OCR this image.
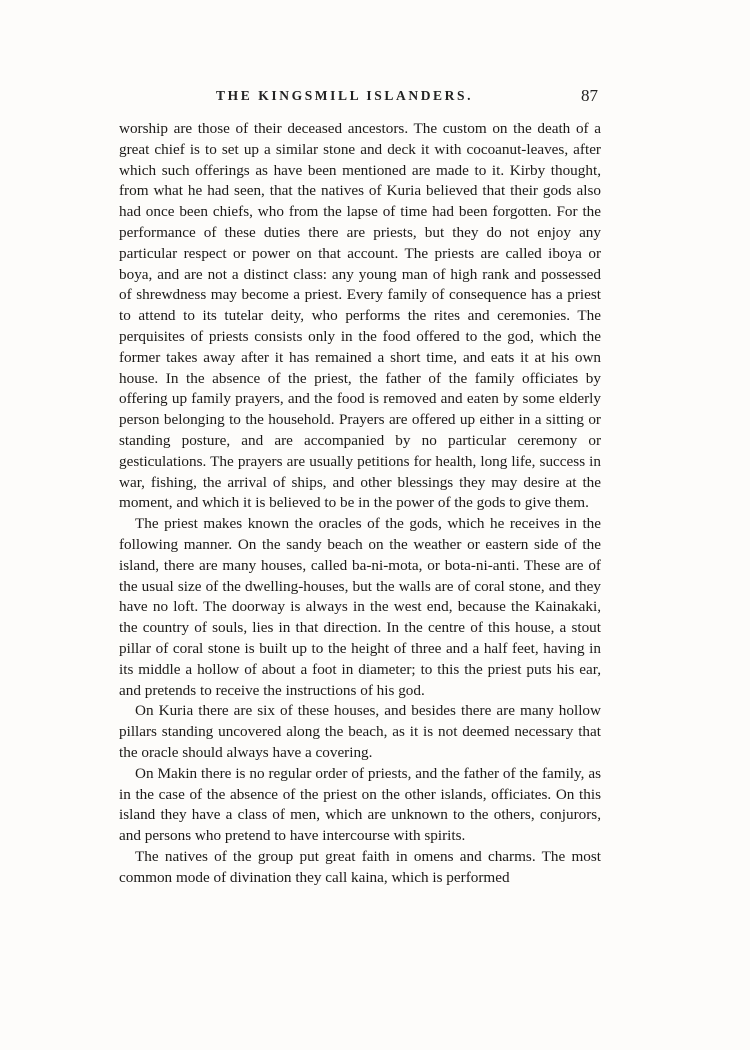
THE KINGSMILL ISLANDERS.	87

worship are those of their deceased ancestors. The custom on the death of a great chief is to set up a similar stone and deck it with cocoanut-leaves, after which such offerings as have been mentioned are made to it. Kirby thought, from what he had seen, that the natives of Kuria believed that their gods also had once been chiefs, who from the lapse of time had been forgotten. For the performance of these duties there are priests, but they do not enjoy any particular respect or power on that account. The priests are called iboya or boya, and are not a distinct class: any young man of high rank and possessed of shrewdness may become a priest. Every family of consequence has a priest to attend to its tutelar deity, who performs the rites and ceremonies. The perquisites of priests consists only in the food offered to the god, which the former takes away after it has remained a short time, and eats it at his own house. In the absence of the priest, the father of the family officiates by offering up family prayers, and the food is removed and eaten by some elderly person belonging to the household. Prayers are offered up either in a sitting or standing posture, and are accompanied by no particular ceremony or gesticulations. The prayers are usually petitions for health, long life, success in war, fishing, the arrival of ships, and other blessings they may desire at the moment, and which it is believed to be in the power of the gods to give them.

The priest makes known the oracles of the gods, which he receives in the following manner. On the sandy beach on the weather or eastern side of the island, there are many houses, called ba-ni-mota, or bota-ni-anti. These are of the usual size of the dwelling-houses, but the walls are of coral stone, and they have no loft. The doorway is always in the west end, because the Kainakaki, the country of souls, lies in that direction. In the centre of this house, a stout pillar of coral stone is built up to the height of three and a half feet, having in its middle a hollow of about a foot in diameter; to this the priest puts his ear, and pretends to receive the instructions of his god.

On Kuria there are six of these houses, and besides there are many hollow pillars standing uncovered along the beach, as it is not deemed necessary that the oracle should always have a covering.

On Makin there is no regular order of priests, and the father of the family, as in the case of the absence of the priest on the other islands, officiates. On this island they have a class of men, which are unknown to the others, conjurors, and persons who pretend to have intercourse with spirits.

The natives of the group put great faith in omens and charms. The most common mode of divination they call kaina, which is performed
